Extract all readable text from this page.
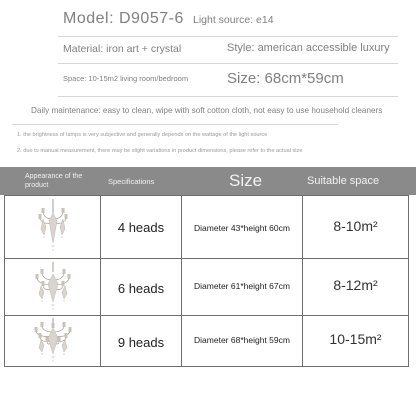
Model: D9057-6 Light source: e14
Material: iron art + crystal	Style: american accessible luxury
Space: 10-15m2 living room/bedroom	Size: 68cm*59cm
Daily maintenance: easy to clean, wipe with soft cotton cloth, not easy to use household cleaners
1. the brightness of lamps is very subjective and generally depends on the wattage of the light source
2. due to manual measurement, there may be slight variations in product dimensions, please refer to the actual size
Appearance of the product	Specifications	Size	Suitable space
4 heads	Diameter 43*height 60cm	8-10m²
6 heads	Diameter 61*height 67cm	8-12m²
9 heads	Diameter 68*height 59cm	10-15m²
